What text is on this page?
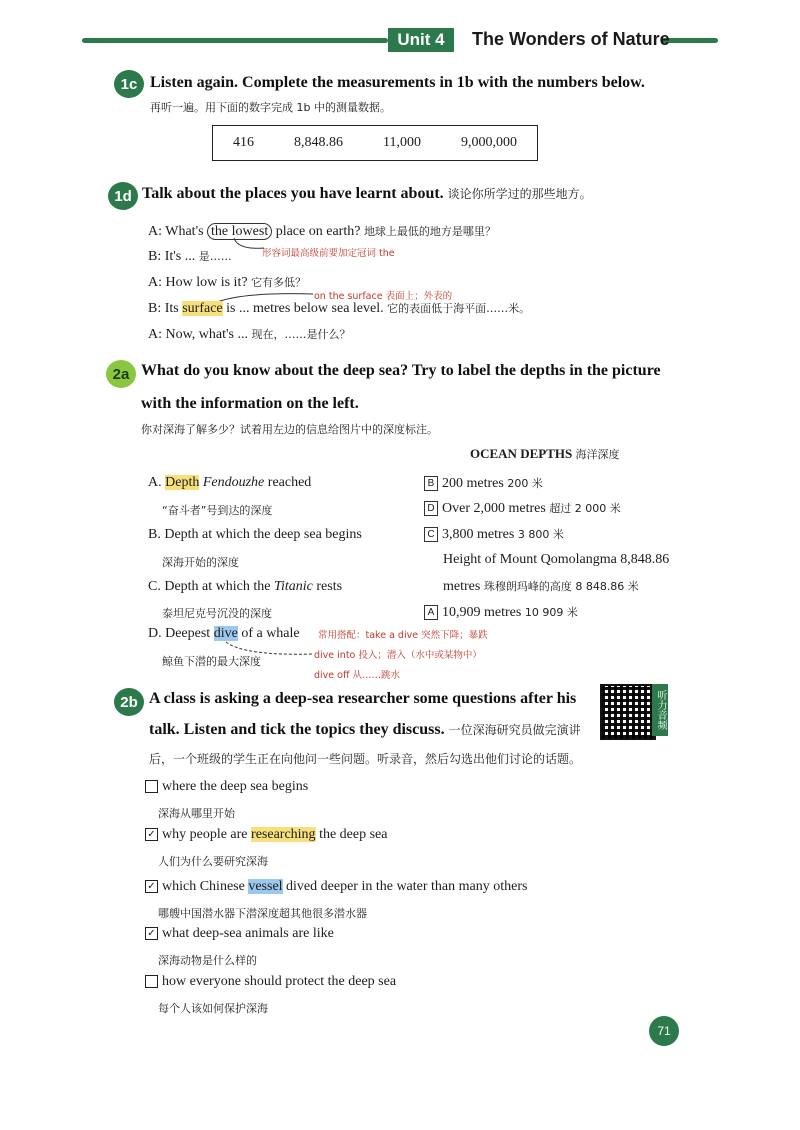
Unit 4	The Wonders of Nature
1c Listen again. Complete the measurements in 1b with the numbers below.
再听一遍。用下面的数字完成 1b 中的测量数据。
416	8,848.86	11,000	9,000,000
1d Talk about the places you have learnt about. 谈论你所学过的那些地方。
A: What's the lowest place on earth? 地球上最低的地方是哪里？
B: It's ... 是……	形容词最高级前要加定冠词 the
A: How low is it? 它有多低？
on the surface 表面上；外表的
B: Its surface is ... metres below sea level. 它的表面低于海平面……米。
A: Now, what's ... 现在，……是什么？
2a What do you know about the deep sea? Try to label the depths in the picture
with the information on the left.
你对深海了解多少？试着用左边的信息给图片中的深度标注。
OCEAN DEPTHS 海洋深度
A. Depth Fendouzhe reached
“奋斗者”号到达的深度
B. Depth at which the deep sea begins
深海开始的深度
C. Depth at which the Titanic rests
泰坦尼克号沉没的深度
D. Deepest dive of a whale
鲸鱼下潜的最大深度
常用搭配：take a dive 突然下降；暴跌
dive into 投入；潜入（水中或某物中）
dive off 从……跳水
B 200 metres 200 米
D Over 2,000 metres 超过 2 000 米
C 3,800 metres 3 800 米
Height of Mount Qomolangma 8,848.86
metres 珠穆朗玛峰的高度 8 848.86 米
A 10,909 metres 10 909 米
2b A class is asking a deep-sea researcher some questions after his	听力音频
talk. Listen and tick the topics they discuss. 一位深海研究员做完演讲
后，一个班级的学生正在向他问一些问题。听录音，然后勾选出他们讨论的话题。
where the deep sea begins
深海从哪里开始
✓ why people are researching the deep sea
人们为什么要研究深海
✓ which Chinese vessel dived deeper in the water than many others
哪艘中国潜水器下潜深度超其他很多潜水器
✓ what deep-sea animals are like
深海动物是什么样的
how everyone should protect the deep sea
每个人该如何保护深海
71
